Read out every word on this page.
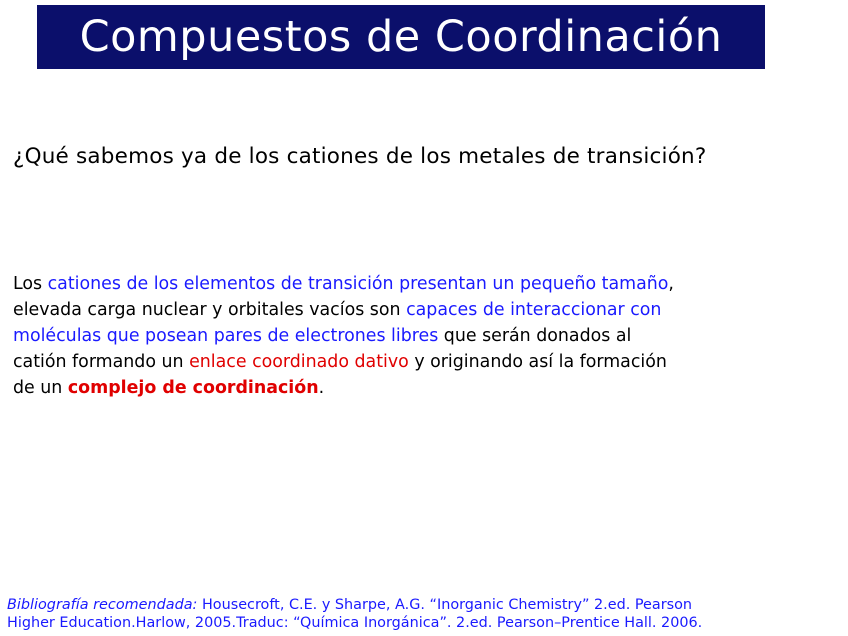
Compuestos de Coordinación
¿Qué sabemos ya de los cationes de los metales de transición?
Los cationes de los elementos de transición presentan un pequeño tamaño,
elevada carga nuclear y orbitales vacíos son capaces de interaccionar con
moléculas que posean pares de electrones libres que serán donados al
catión formando un enlace coordinado dativo y originando así la formación
de un complejo de coordinación.
Bibliografía recomendada: Housecroft, C.E. y Sharpe, A.G. “Inorganic Chemistry” 2.ed. Pearson
Higher Education.Harlow, 2005.Traduc: “Química Inorgánica”. 2.ed. Pearson–Prentice Hall. 2006.
